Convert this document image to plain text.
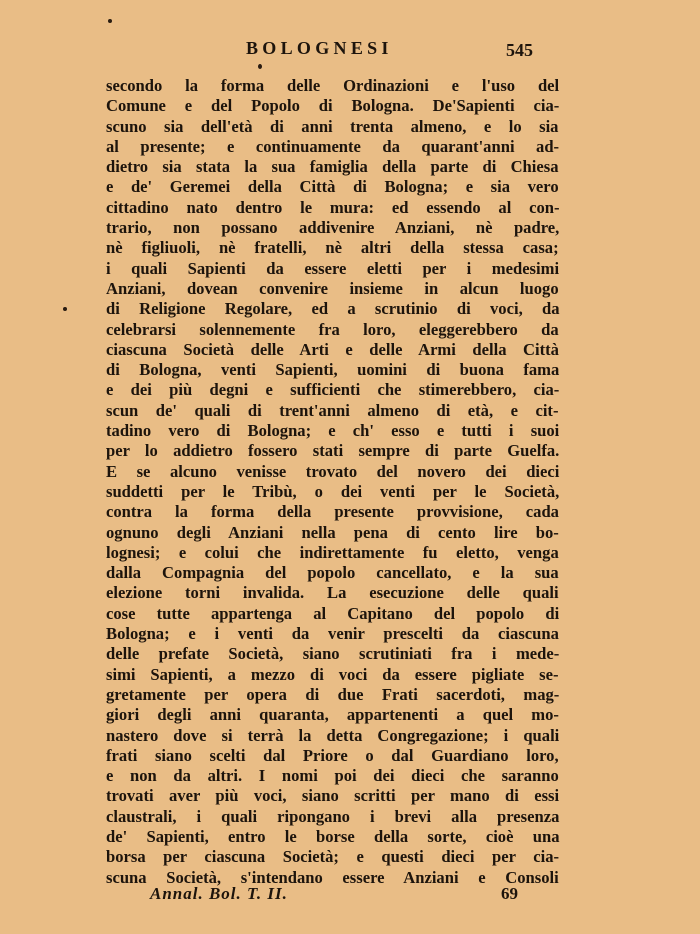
BOLOGNESI	545
secondo la forma delle Ordinazioni e l'uso del
Comune e del Popolo di Bologna. De'Sapienti cia-
scuno sia dell'età di anni trenta almeno, e lo sia
al presente; e continuamente da quarant'anni ad-
dietro sia stata la sua famiglia della parte di Chiesa
e de' Geremei della Città di Bologna; e sia vero
cittadino nato dentro le mura: ed essendo al con-
trario, non possano addivenire Anziani, nè padre,
nè figliuoli, nè fratelli, nè altri della stessa casa;
i quali Sapienti da essere eletti per i medesimi
Anziani, dovean convenire insieme in alcun luogo
di Religione Regolare, ed a scrutinio di voci, da
celebrarsi solennemente fra loro, eleggerebbero da
ciascuna Società delle Arti e delle Armi della Città
di Bologna, venti Sapienti, uomini di buona fama
e dei più degni e sufficienti che stimerebbero, cia-
scun de' quali di trent'anni almeno di età, e cit-
tadino vero di Bologna; e ch' esso e tutti i suoi
per lo addietro fossero stati sempre di parte Guelfa.
E se alcuno venisse trovato del novero dei dieci
suddetti per le Tribù, o dei venti per le Società,
contra la forma della presente provvisione, cada
ognuno degli Anziani nella pena di cento lire bo-
lognesi; e colui che indirettamente fu eletto, venga
dalla Compagnia del popolo cancellato, e la sua
elezione torni invalida. La esecuzione delle quali
cose tutte appartenga al Capitano del popolo di
Bologna; e i venti da venir prescelti da ciascuna
delle prefate Società, siano scrutiniati fra i mede-
simi Sapienti, a mezzo di voci da essere pigliate se-
gretamente per opera di due Frati sacerdoti, mag-
giori degli anni quaranta, appartenenti a quel mo-
nastero dove si terrà la detta Congregazione; i quali
frati siano scelti dal Priore o dal Guardiano loro,
e non da altri. I nomi poi dei dieci che saranno
trovati aver più voci, siano scritti per mano di essi
claustrali, i quali ripongano i brevi alla presenza
de' Sapienti, entro le borse della sorte, cioè una
borsa per ciascuna Società; e questi dieci per cia-
scuna Società, s'intendano essere Anziani e Consoli
Annal. Bol. T. II.	69
